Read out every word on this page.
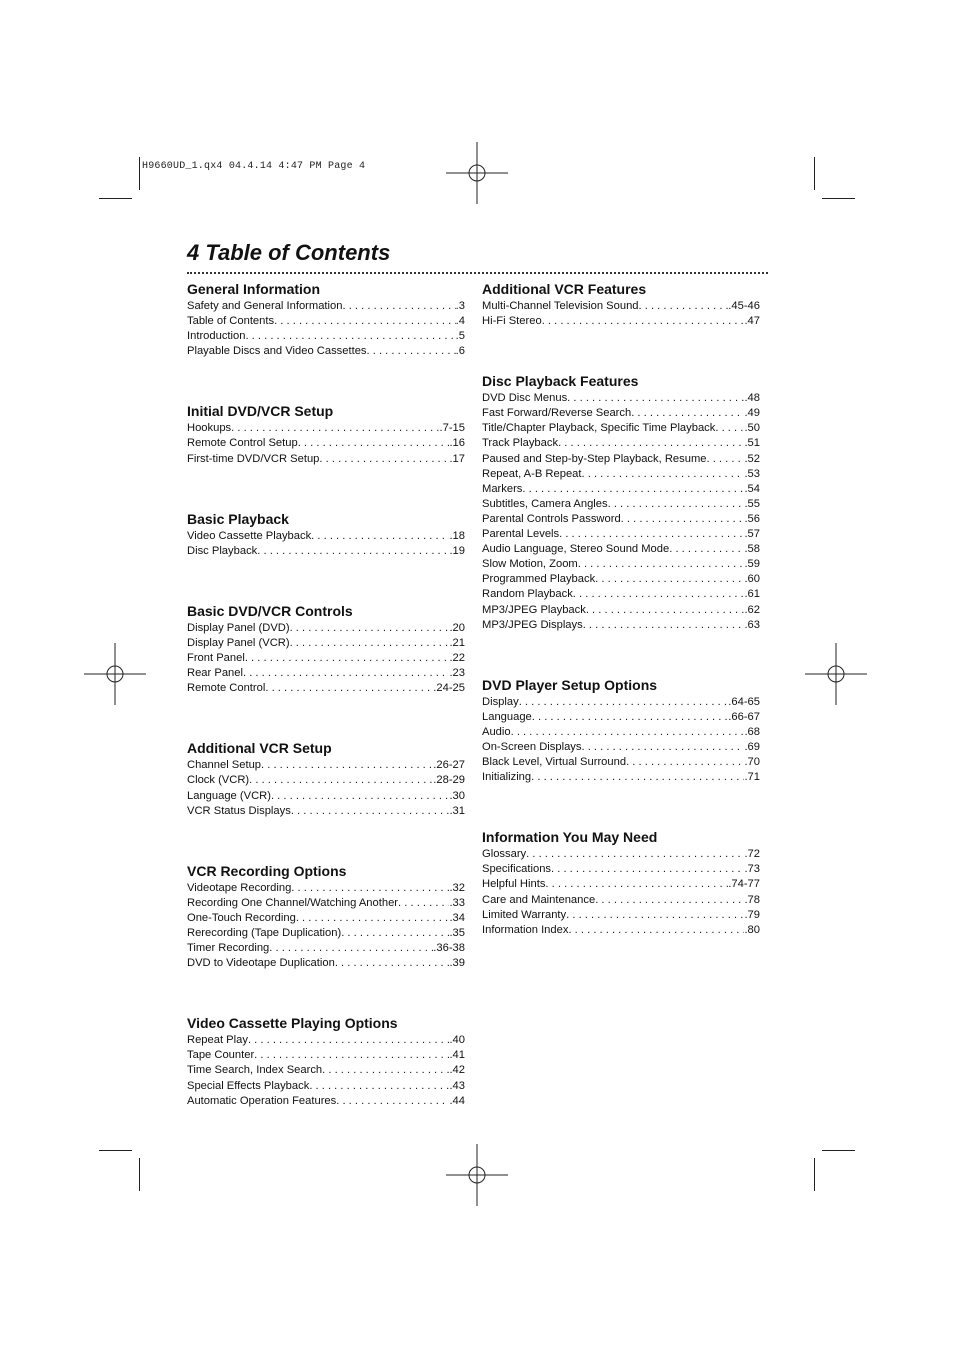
H9660UD_1.qx4 04.4.14 4:47 PM Page 4
4 Table of Contents
General Information
Safety and General Information . . .	.3
Table of Contents . . .	.4
Introduction . . .	.5
Playable Discs and Video Cassettes . . .	.6
Initial DVD/VCR Setup
Hookups . . .	.7-15
Remote Control Setup . . .	.16
First-time DVD/VCR Setup . . .	.17
Basic Playback
Video Cassette Playback . . .	.18
Disc Playback . . .	.19
Basic DVD/VCR Controls
Display Panel (DVD) . . .	.20
Display Panel (VCR) . . .	.21
Front Panel . . .	.22
Rear Panel . . .	.23
Remote Control . . .	.24-25
Additional VCR Setup
Channel Setup . . .	.26-27
Clock (VCR) . . .	.28-29
Language (VCR) . . .	.30
VCR Status Displays . . .	.31
VCR Recording Options
Videotape Recording . . .	.32
Recording One Channel/Watching Another . . .	.33
One-Touch Recording . . .	.34
Rerecording (Tape Duplication) . . .	.35
Timer Recording . . .	.36-38
DVD to Videotape Duplication . . .	.39
Video Cassette Playing Options
Repeat Play . . .	.40
Tape Counter . . .	.41
Time Search, Index Search . . .	.42
Special Effects Playback . . .	.43
Automatic Operation Features . . .	.44
Additional VCR Features
Multi-Channel Television Sound . . .	.45-46
Hi-Fi Stereo . . .	.47
Disc Playback Features
DVD Disc Menus . . .	.48
Fast Forward/Reverse Search . . .	.49
Title/Chapter Playback, Specific Time Playback . . .	.50
Track Playback . . .	.51
Paused and Step-by-Step Playback, Resume . . .	.52
Repeat, A-B Repeat . . .	.53
Markers . . .	.54
Subtitles, Camera Angles . . .	.55
Parental Controls Password . . .	.56
Parental Levels . . .	.57
Audio Language, Stereo Sound Mode . . .	.58
Slow Motion, Zoom . . .	.59
Programmed Playback . . .	.60
Random Playback . . .	.61
MP3/JPEG Playback . . .	.62
MP3/JPEG Displays . . .	.63
DVD Player Setup Options
Display . . .	.64-65
Language . . .	.66-67
Audio . . .	.68
On-Screen Displays . . .	.69
Black Level, Virtual Surround . . .	.70
Initializing . . .	.71
Information You May Need
Glossary . . .	.72
Specifications . . .	.73
Helpful Hints . . .	.74-77
Care and Maintenance . . .	.78
Limited Warranty . . .	.79
Information Index . . .	.80
